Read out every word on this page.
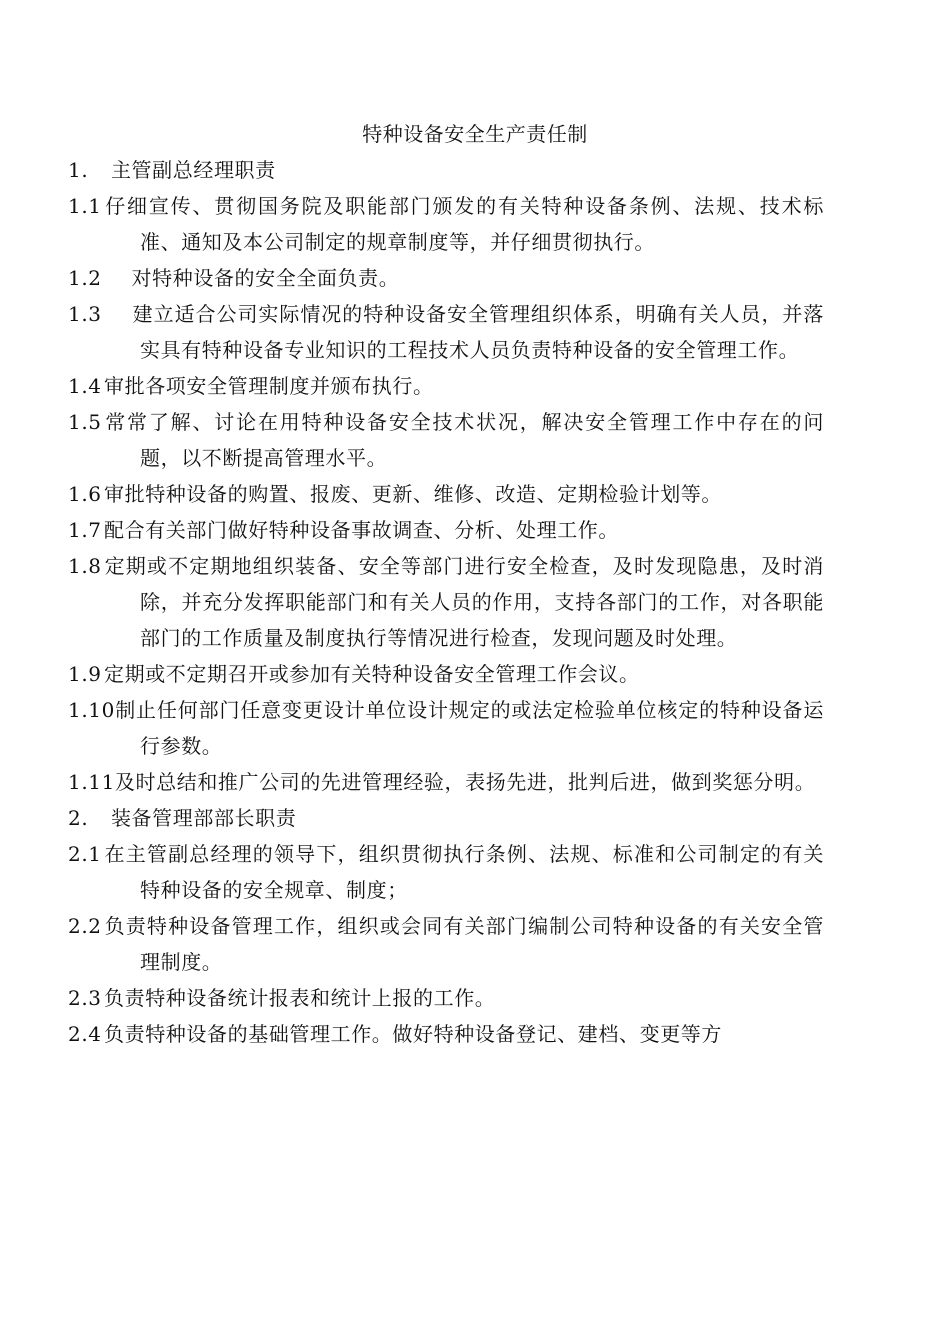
特种设备安全生产责任制

1. 主管副总经理职责

1.1 仔细宣传、贯彻国务院及职能部门颁发的有关特种设备条例、法规、技术标准、通知及本公司制定的规章制度等，并仔细贯彻执行。

1.2　 对特种设备的安全全面负责。

1.3　 建立适合公司实际情况的特种设备安全管理组织体系，明确有关人员，并落实具有特种设备专业知识的工程技术人员负责特种设备的安全管理工作。

1.4 审批各项安全管理制度并颁布执行。

1.5 常常了解、讨论在用特种设备安全技术状况，解决安全管理工作中存在的问题，以不断提高管理水平。

1.6 审批特种设备的购置、报废、更新、维修、改造、定期检验计划等。

1.7 配合有关部门做好特种设备事故调查、分析、处理工作。

1.8 定期或不定期地组织装备、安全等部门进行安全检查，及时发现隐患，及时消除，并充分发挥职能部门和有关人员的作用，支持各部门的工作，对各职能部门的工作质量及制度执行等情况进行检查，发现问题及时处理。

1.9 定期或不定期召开或参加有关特种设备安全管理工作会议。

1.10制止任何部门任意变更设计单位设计规定的或法定检验单位核定的特种设备运行参数。

1.11及时总结和推广公司的先进管理经验，表扬先进，批判后进，做到奖惩分明。

2. 装备管理部部长职责

2.1 在主管副总经理的领导下，组织贯彻执行条例、法规、标准和公司制定的有关特种设备的安全规章、制度；

2.2 负责特种设备管理工作，组织或会同有关部门编制公司特种设备的有关安全管理制度。

2.3 负责特种设备统计报表和统计上报的工作。

2.4 负责特种设备的基础管理工作。做好特种设备登记、建档、变更等方
